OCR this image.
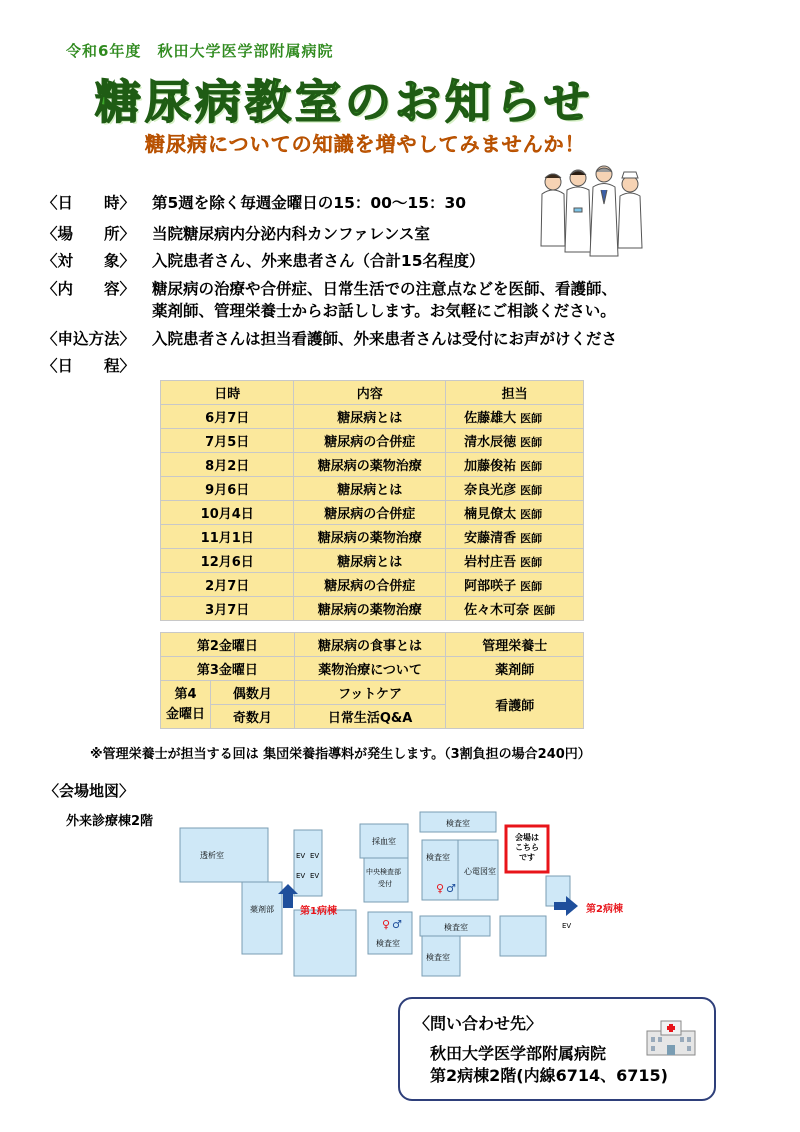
令和6年度　秋田大学医学部附属病院
糖尿病教室のお知らせ
糖尿病についての知識を増やしてみませんか！
〈日　　時〉 第5週を除く毎週金曜日の15：00〜15：30
〈場　　所〉 当院糖尿病内分泌内科カンファレンス室
〈対　　象〉 入院患者さん、外来患者さん（合計15名程度）
〈内　　容〉 糖尿病の治療や合併症、日常生活での注意点などを医師、看護師、
薬剤師、管理栄養士からお話しします。お気軽にご相談ください。
〈申込方法〉 入院患者さんは担当看護師、外来患者さんは受付にお声がけくださ
〈日　　程〉
日時	内容	担当
6月7日	糖尿病とは	佐藤雄大 医師
7月5日	糖尿病の合併症	清水辰徳 医師
8月2日	糖尿病の薬物治療	加藤俊祐 医師
9月6日	糖尿病とは	奈良光彦 医師
10月4日	糖尿病の合併症	楠見僚太 医師
11月1日	糖尿病の薬物治療	安藤清香 医師
12月6日	糖尿病とは	岩村庄吾 医師
2月7日	糖尿病の合併症	阿部咲子 医師
3月7日	糖尿病の薬物治療	佐々木可奈 医師
第2金曜日		糖尿病の食事とは	管理栄養士
第3金曜日		薬物治療について	薬剤師
第4
金曜日	偶数月	フットケア	看護師
	奇数月	日常生活Q&A	
※管理栄養士が担当する回は 集団栄養指導料が発生します。（3割負担の場合240円）
〈会場地図〉
外来診療棟2階
会場は
こちら
です
透析室
薬剤部
採血室
中央検査部
受付
検査室
検査室
心電図室
検査室
検査室
検査室
EV EV
EV EV
EV
♀ ♂
♀ ♂
第1病棟	第2病棟
〈問い合わせ先〉
秋田大学医学部附属病院
第2病棟2階(内線6714、6715)
